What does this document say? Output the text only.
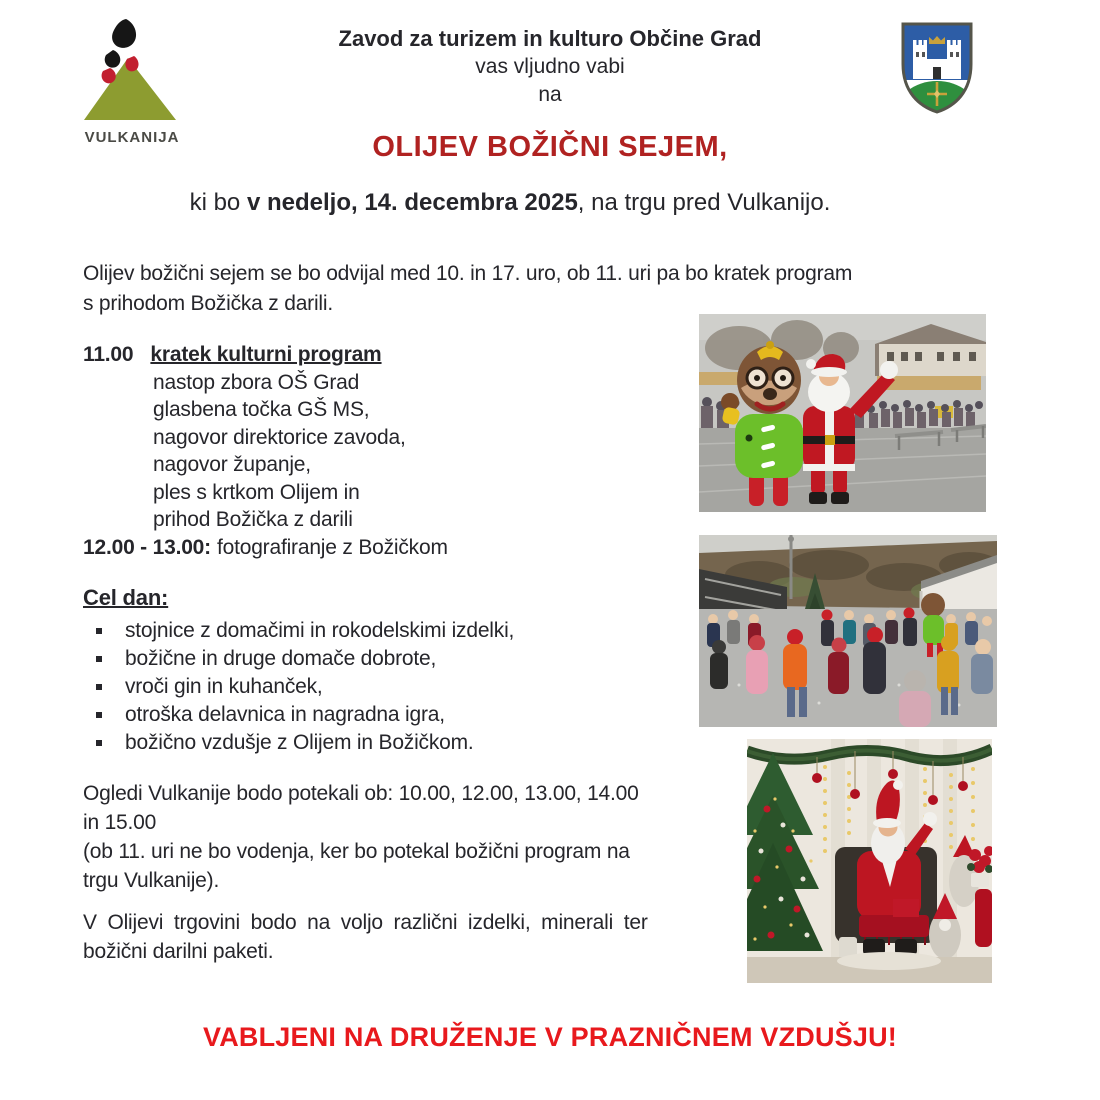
VULKANIJA
Zavod za turizem in kulturo Občine Grad
vas vljudno vabi
na
OLIJEV BOŽIČNI SEJEM,
ki bo v nedeljo, 14. decembra 2025, na trgu pred Vulkanijo.
Olijev božični sejem se bo odvijal med 10. in 17. uro, ob 11. uri pa bo kratek program
s prihodom Božička z darili.
11.00 kratek kulturni program
nastop zbora OŠ Grad
glasbena točka GŠ MS,
nagovor direktorice zavoda,
nagovor županje,
ples s krtkom Olijem in
prihod Božička z darili
12.00 - 13.00: fotografiranje z Božičkom
Cel dan:
stojnice z domačimi in rokodelskimi izdelki,
božične in druge domače dobrote,
vroči gin in kuhanček,
otroška delavnica in nagradna igra,
božično vzdušje z Olijem in Božičkom.
Ogledi Vulkanije bodo potekali ob: 10.00, 12.00, 13.00, 14.00
in 15.00
(ob 11. uri ne bo vodenja, ker bo potekal božični program na
trgu Vulkanije).
V Olijevi trgovini bodo na voljo različni izdelki, minerali ter
božični darilni paketi.
VABLJENI NA DRUŽENJE V PRAZNIČNEM VZDUŠJU!
